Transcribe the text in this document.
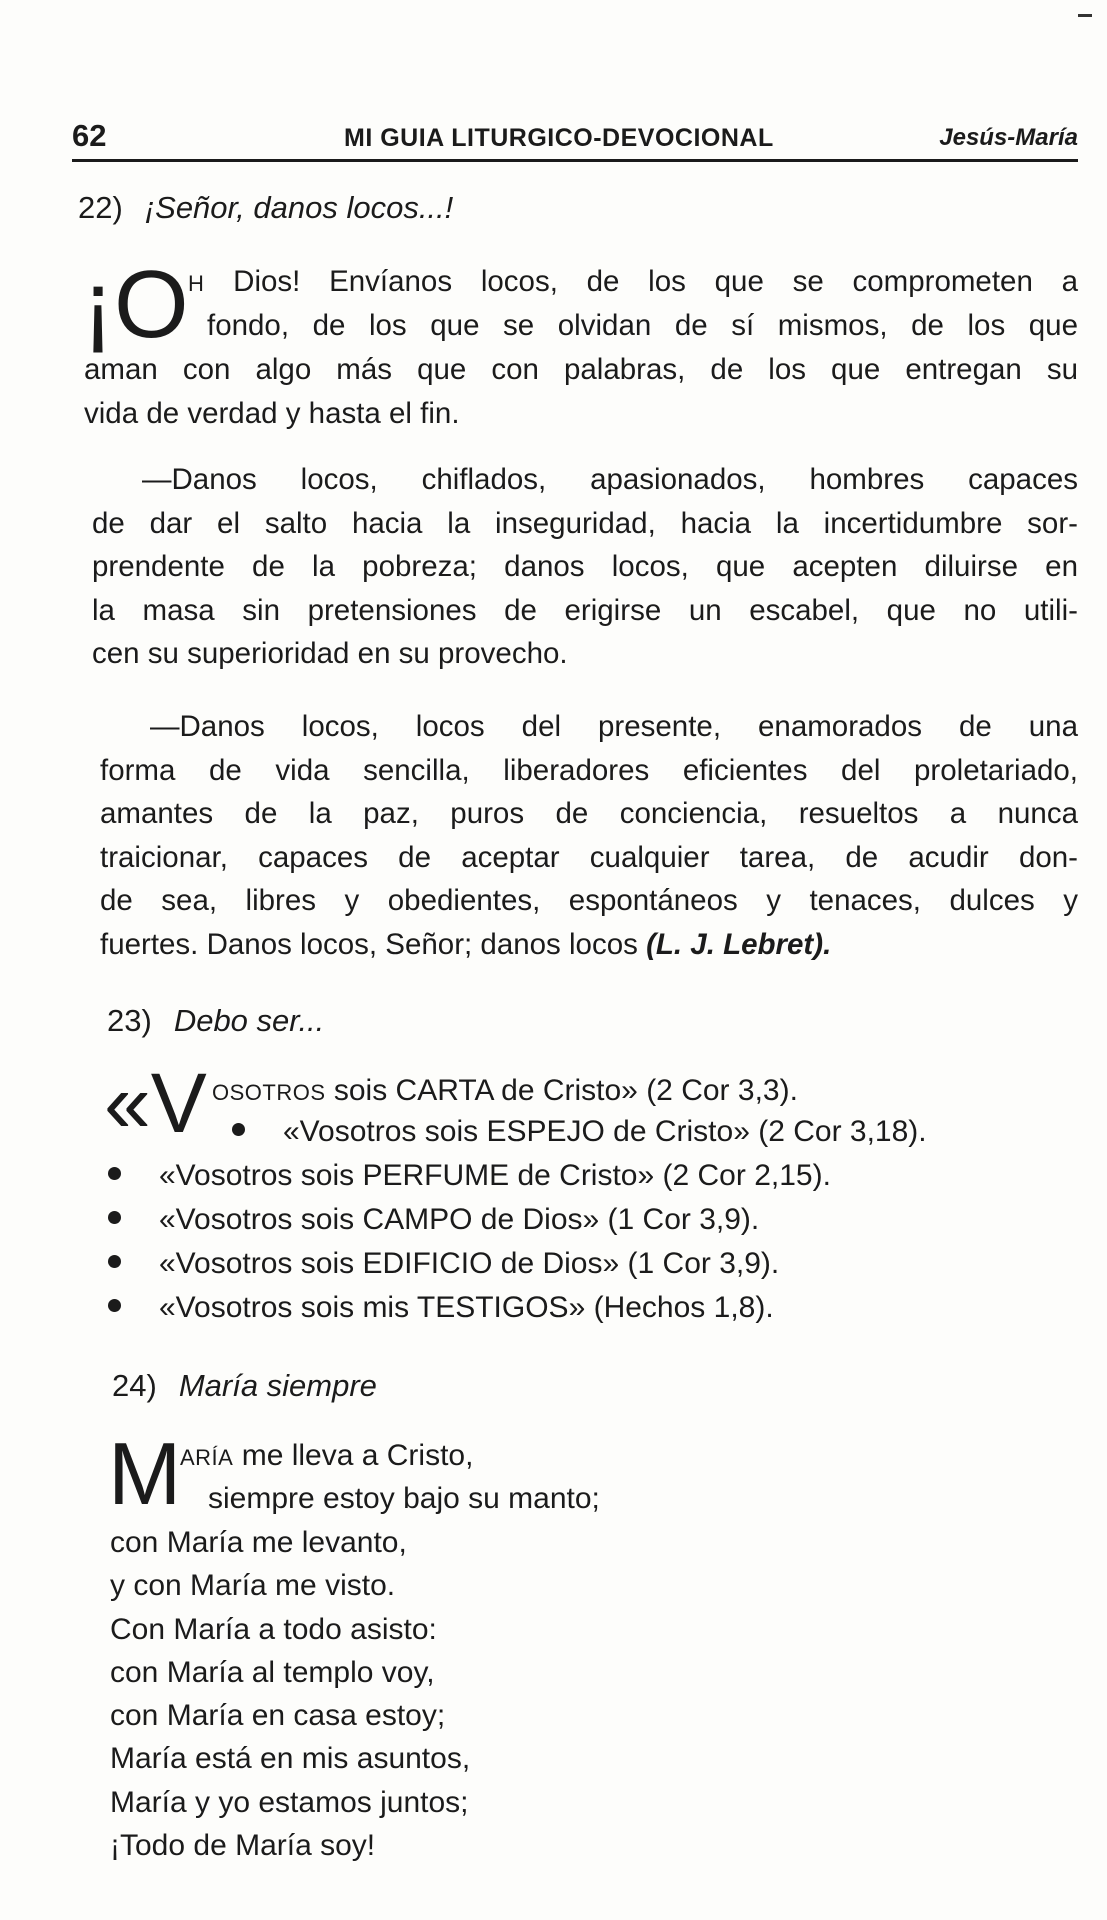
62	MI GUIA LITURGICO-DEVOCIONAL	Jesús-María
22) ¡Señor, danos locos...!
¡O H Dios! Envíanos locos, de los que se comprometen a
fondo, de los que se olvidan de sí mismos, de los que
aman con algo más que con palabras, de los que entregan su
vida de verdad y hasta el fin.
—Danos locos, chiflados, apasionados, hombres capaces
de dar el salto hacia la inseguridad, hacia la incertidumbre sor-
prendente de la pobreza; danos locos, que acepten diluirse en
la masa sin pretensiones de erigirse un escabel, que no utili-
cen su superioridad en su provecho.
—Danos locos, locos del presente, enamorados de una
forma de vida sencilla, liberadores eficientes del proletariado,
amantes de la paz, puros de conciencia, resueltos a nunca
traicionar, capaces de aceptar cualquier tarea, de acudir don-
de sea, libres y obedientes, espontáneos y tenaces, dulces y
fuertes. Danos locos, Señor; danos locos (L. J. Lebret).
23) Debo ser...
«V OSOTROS sois CARTA de Cristo» (2 Cor 3,3).
«Vosotros sois ESPEJO de Cristo» (2 Cor 3,18).
«Vosotros sois PERFUME de Cristo» (2 Cor 2,15).
«Vosotros sois CAMPO de Dios» (1 Cor 3,9).
«Vosotros sois EDIFICIO de Dios» (1 Cor 3,9).
«Vosotros sois mis TESTIGOS» (Hechos 1,8).
24) María siempre
M
ARÍA me lleva a Cristo,
siempre estoy bajo su manto;
con María me levanto,
y con María me visto.
Con María a todo asisto:
con María al templo voy,
con María en casa estoy;
María está en mis asuntos,
María y yo estamos juntos;
¡Todo de María soy!
